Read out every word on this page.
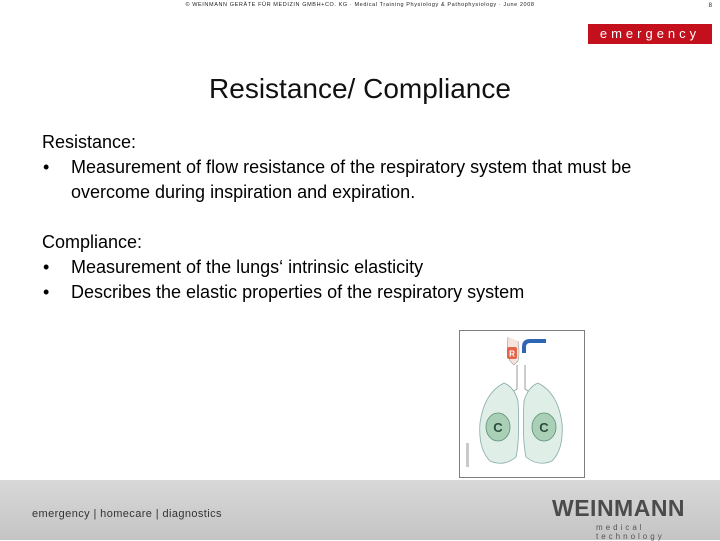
© WEINMANN GERÄTE FÜR MEDIZIN GMBH+CO. KG · Medical Training Physiology & Pathophysiology · June 2008	8
emergency
Resistance/ Compliance
Resistance:
•	Measurement of flow resistance of the respiratory system that must be overcome during inspiration and expiration.
Compliance:
•	Measurement of the lungs‘ intrinsic elasticity
•	Describes the elastic properties of the respiratory system
R
C	C
emergency | homecare | diagnostics	WEINMANN
medical technology
